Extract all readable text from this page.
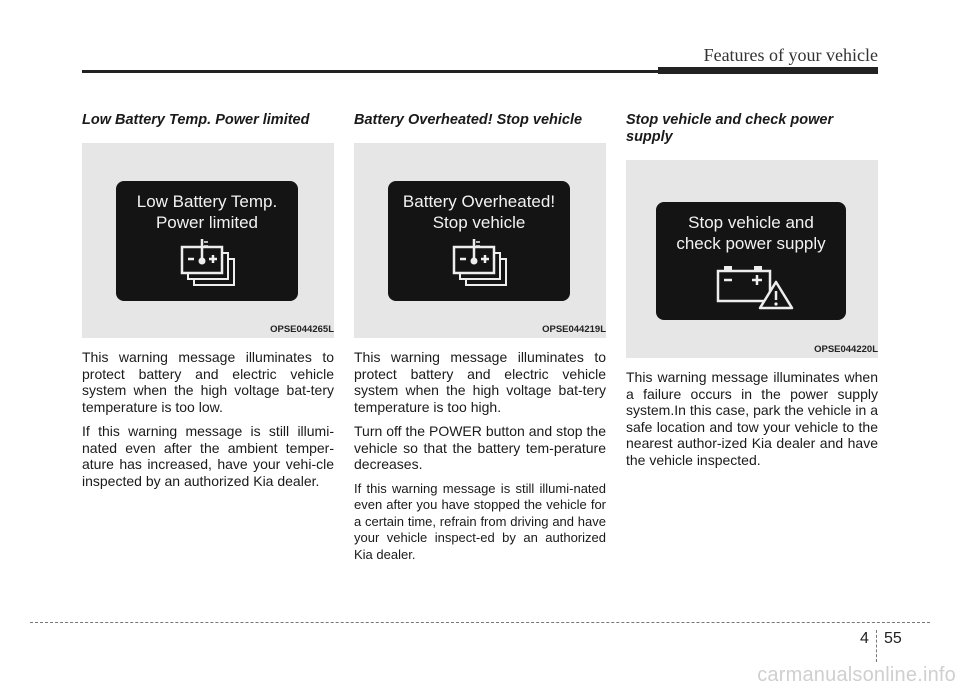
Features of your vehicle
Low Battery Temp. Power limited
Low Battery Temp.
Power limited
OPSE044265L

This warning message illuminates to protect battery and electric vehicle system when the high voltage bat-tery temperature is too low.

If this warning message is still illumi-nated even after the ambient temper-ature has increased, have your vehi-cle inspected by an authorized Kia dealer.

Battery Overheated! Stop vehicle
Battery Overheated!
Stop vehicle
OPSE044219L

This warning message illuminates to protect battery and electric vehicle system when the high voltage bat-tery temperature is too high.

Turn off the POWER button and stop the vehicle so that the battery tem-perature decreases.

If this warning message is still illumi-nated even after you have stopped the vehicle for a certain time, refrain from driving and have your vehicle inspect-ed by an authorized Kia dealer.

Stop vehicle and check power supply
Stop vehicle and
check power supply
OPSE044220L

This warning message illuminates when a failure occurs in the power supply system.In this case, park the vehicle in a safe location and tow your vehicle to the nearest author-ized Kia dealer and have the vehicle inspected.

4 55
carmanualsonline.info
